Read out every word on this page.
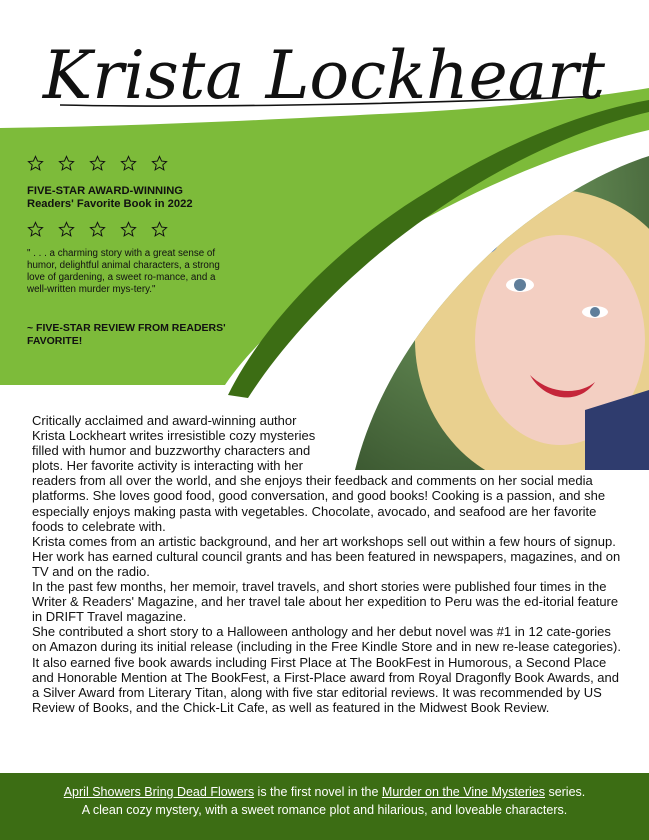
Krista Lockheart
FIVE-STAR AWARD-WINNING
Readers' Favorite Book in 2022
" . . . a charming story with a great sense of humor, delightful animal characters, a strong love of gardening, a sweet ro-mance, and a well-written murder mys-tery."
~ FIVE-STAR REVIEW FROM READERS' FAVORITE!

Critically acclaimed and award-winning author Krista Lockheart writes irresistible cozy mysteries filled with humor and buzzworthy characters and plots. Her favorite activity is interacting with her

readers from all over the world, and she enjoys their feedback and comments on her social media platforms. She loves good food, good conversation, and good books! Cooking is a passion, and she especially enjoys making pasta with vegetables. Chocolate, avocado, and seafood are her favorite foods to celebrate with.

Krista comes from an artistic background, and her art workshops sell out within a few hours of signup. Her work has earned cultural council grants and has been featured in newspapers, magazines, and on TV and on the radio.

In the past few months, her memoir, travel travels, and short stories were published four times in the Writer & Readers' Magazine, and her travel tale about her expedition to Peru was the ed-itorial feature in DRIFT Travel magazine.

She contributed a short story to a Halloween anthology and her debut novel was #1 in 12 cate-gories on Amazon during its initial release (including in the Free Kindle Store and in new re-lease categories).

It also earned five book awards including First Place at The BookFest in Humorous, a Second Place and Honorable Mention at The BookFest, a First-Place award from Royal Dragonfly Book Awards, and a Silver Award from Literary Titan, along with five star editorial reviews. It was recommended by US Review of Books, and the Chick-Lit Cafe, as well as featured in the Midwest Book Review.

April Showers Bring Dead Flowers is the first novel in the Murder on the Vine Mysteries series.
A clean cozy mystery, with a sweet romance plot and hilarious, and loveable characters.
